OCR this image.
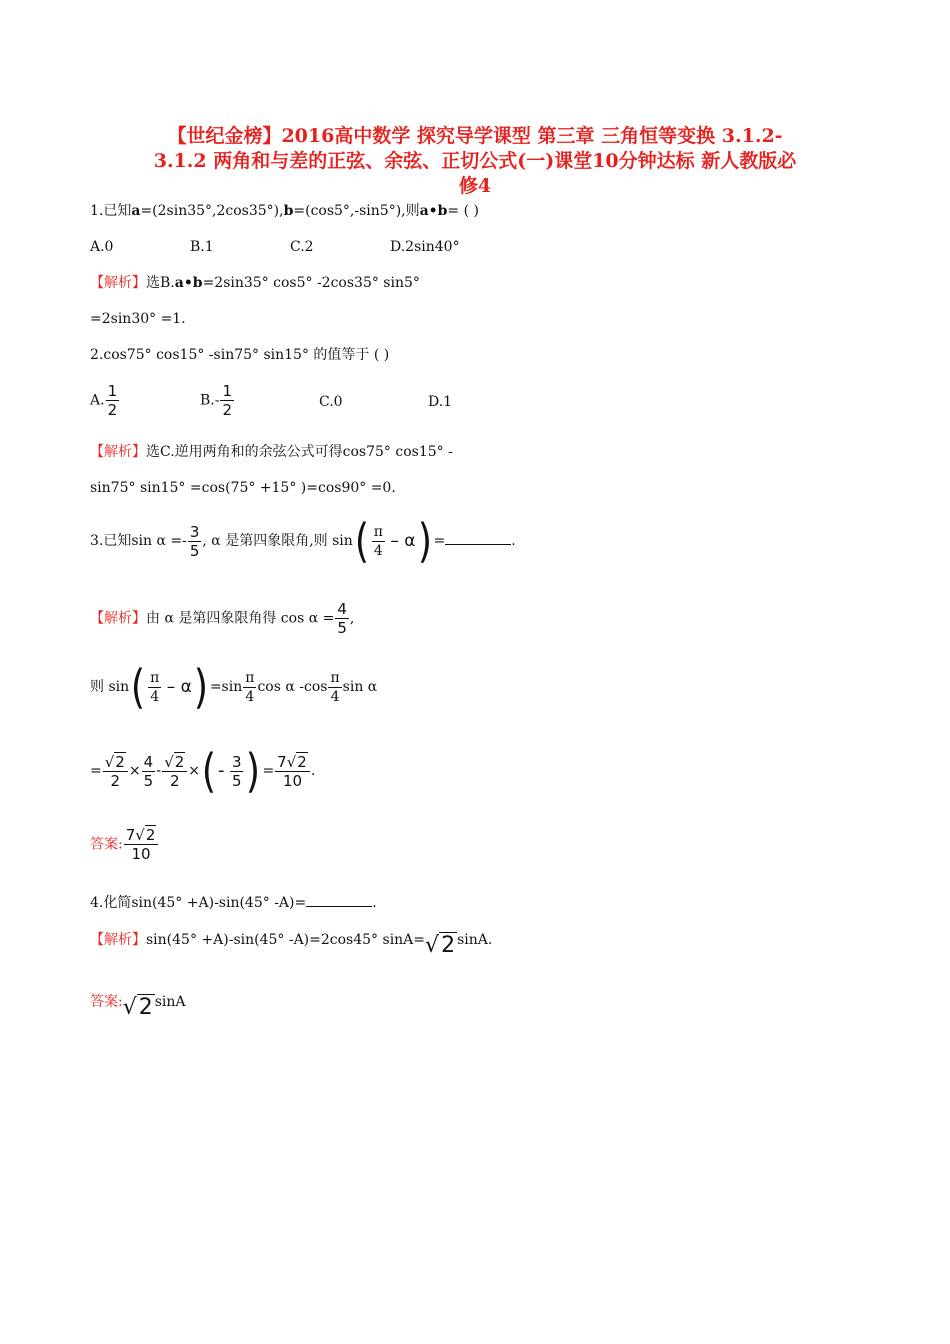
【世纪金榜】2016高中数学 探究导学课型 第三章 三角恒等变换 3.1.2-
3.1.2 两角和与差的正弦、余弦、正切公式(一)课堂10分钟达标 新人教版必
修4
1.已知a=(2sin35°,2cos35°),b=(cos5°,-sin5°),则a•b= ( )
A.0	B.1	C.2	D.2sin40°
【解析】选B.a•b=2sin35° cos5° -2cos35° sin5°
=2sin30° =1.
2.cos75° cos15° -sin75° sin15° 的值等于 ( )
A. $\frac{1}{2}$	$B.- \frac{1}{2}$	C.0	D.1
【解析】选C.逆用两角和的余弦公式可得cos75° cos15° -
sin75° sin15° =cos(75° +15° )=cos90° =0.
3.已知$\sin \alpha =- \frac{3}{5}$ , α 是第四象限角,则 $\sin( \frac{\pi}{4} - \alpha)$ =	.
【解析】由 α 是第四象限角得 $\cos \alpha = \frac{4}{5}$ ,
则 $\sin( \frac{\pi}{4} - \alpha) =\sin \frac{\pi}{4}$ cos α $-\cos \frac{\pi}{4}$ sin α
= $\frac{√2}{2} \times \frac{4}{5} - \frac{√2}{2}$ ×(- $\frac{3}{5}$ ) = $\frac{7√2}{10}$ .
答案: $\frac{7√2}{10}$
4.化简sin(45° +A)-sin(45° -A)=	.
【解析】sin(45° +A)-sin(45° -A)=2cos45° sinA=√2 sinA.
答案:√2 sinA
